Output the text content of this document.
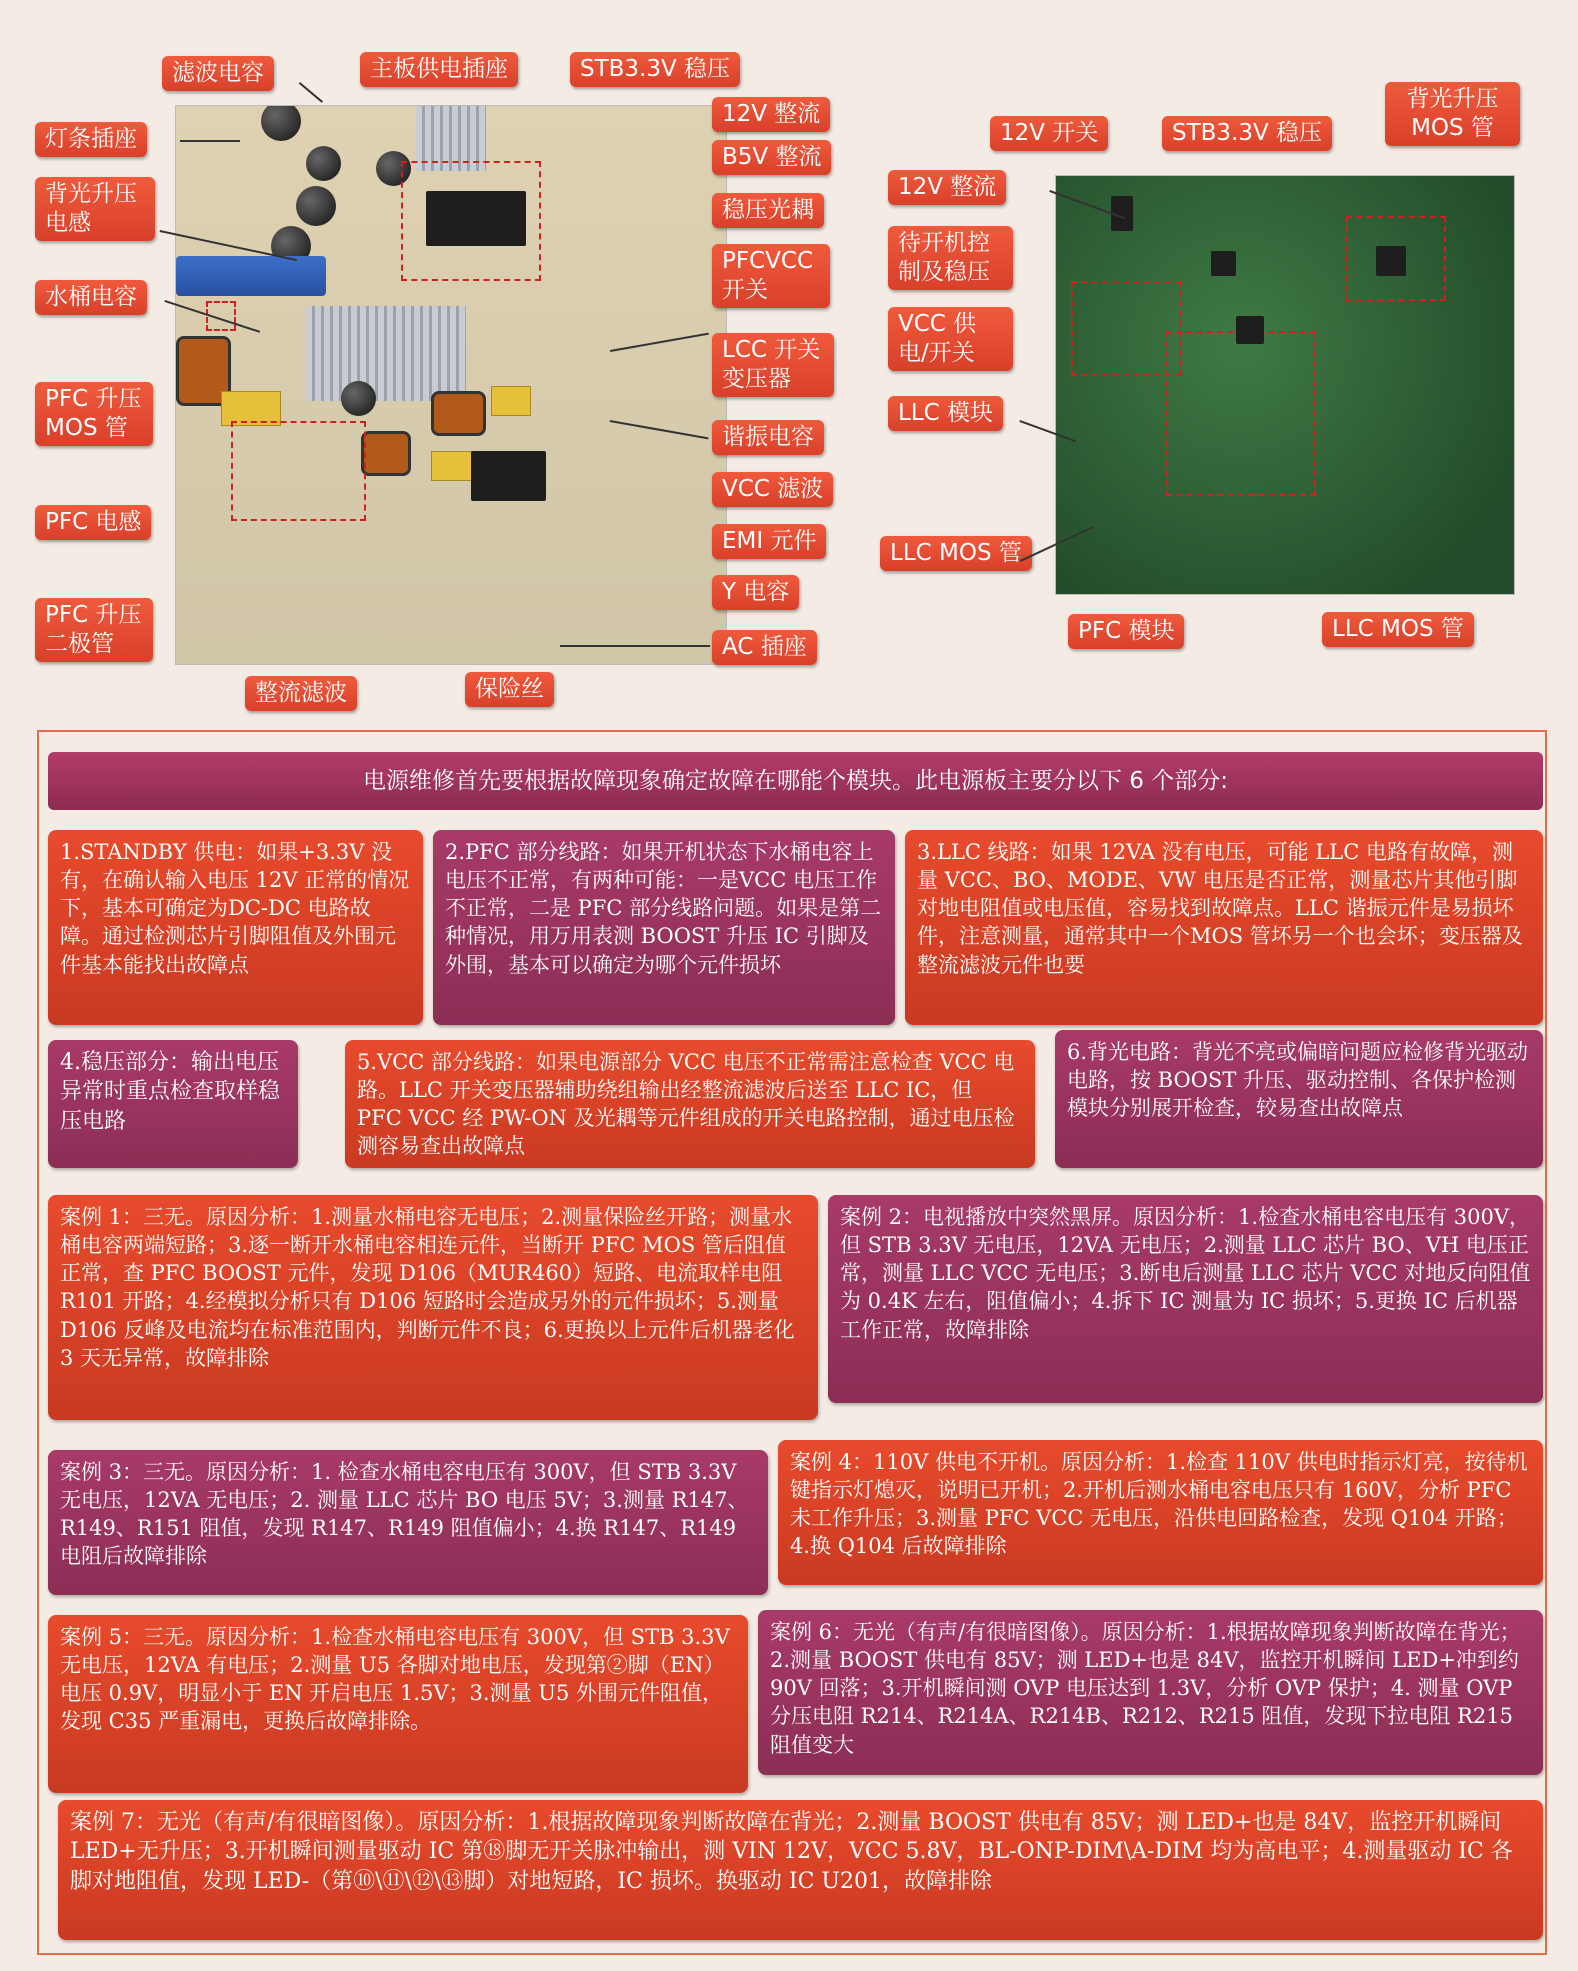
滤波电容	主板供电插座	STB3.3V 稳压
灯条插座
12V 整流
B5V 整流
背光升压电感	稳压光耦
PFCVCC开关
水桶电容
LCC 开关变压器
PFC 升压MOS 管	谐振电容
VCC 滤波
PFC 电感
EMI 元件
Y 电容
PFC 升压二极管	AC 插座
整流滤波	保险丝
12V 开关	STB3.3V 稳压
背光升压MOS 管
12V 整流
待开机控制及稳压
VCC 供电/开关
LLC 模块
LLC MOS 管
PFC 模块	LLC MOS 管
电源维修首先要根据故障现象确定故障在哪能个模块。此电源板主要分以下 6 个部分:
1.STANDBY 供电：如果+3.3V 没有，在确认输入电压 12V 正常的情况下，基本可确定为DC-DC 电路故障。通过检测芯片引脚阻值及外围元件基本能找出故障点
2.PFC 部分线路：如果开机状态下水桶电容上电压不正常，有两种可能：一是VCC 电压工作不正常，二是 PFC 部分线路问题。如果是第二种情况，用万用表测 BOOST 升压 IC 引脚及外围，基本可以确定为哪个元件损坏
3.LLC 线路：如果 12VA 没有电压，可能 LLC 电路有故障，测量 VCC、BO、MODE、VW 电压是否正常，测量芯片其他引脚对地电阻值或电压值，容易找到故障点。LLC 谐振元件是易损坏件，注意测量，通常其中一个MOS 管坏另一个也会坏；变压器及整流滤波元件也要
4.稳压部分：输出电压异常时重点检查取样稳压电路
5.VCC 部分线路：如果电源部分 VCC 电压不正常需注意检查 VCC 电路。LLC 开关变压器辅助绕组输出经整流滤波后送至 LLC IC，但 PFC VCC 经 PW-ON 及光耦等元件组成的开关电路控制，通过电压检测容易查出故障点
6.背光电路：背光不亮或偏暗问题应检修背光驱动电路，按 BOOST 升压、驱动控制、各保护检测模块分别展开检查，较易查出故障点
案例 1：三无。原因分析：1.测量水桶电容无电压；2.测量保险丝开路；测量水桶电容两端短路；3.逐一断开水桶电容相连元件，当断开 PFC MOS 管后阻值正常，查 PFC BOOST 元件，发现 D106（MUR460）短路、电流取样电阻 R101 开路；4.经模拟分析只有 D106 短路时会造成另外的元件损坏；5.测量 D106 反峰及电流均在标准范围内，判断元件不良；6.更换以上元件后机器老化 3 天无异常，故障排除
案例 2：电视播放中突然黑屏。原因分析：1.检查水桶电容电压有 300V，但 STB 3.3V 无电压，12VA 无电压；2.测量 LLC 芯片 BO、VH 电压正常，测量 LLC VCC 无电压；3.断电后测量 LLC 芯片 VCC 对地反向阻值为 0.4K 左右，阻值偏小；4.拆下 IC 测量为 IC 损坏；5.更换 IC 后机器工作正常，故障排除
案例 3：三无。原因分析：1. 检查水桶电容电压有 300V，但 STB 3.3V 无电压，12VA 无电压；2. 测量 LLC 芯片 BO 电压 5V；3.测量 R147、R149、R151 阻值，发现 R147、R149 阻值偏小；4.换 R147、R149 电阻后故障排除
案例 4：110V 供电不开机。原因分析：1.检查 110V 供电时指示灯亮，按待机键指示灯熄灭，说明已开机；2.开机后测水桶电容电压只有 160V，分析 PFC 未工作升压；3.测量 PFC VCC 无电压，沿供电回路检查，发现 Q104 开路；4.换 Q104 后故障排除
案例 5：三无。原因分析：1.检查水桶电容电压有 300V，但 STB 3.3V 无电压，12VA 有电压；2.测量 U5 各脚对地电压，发现第②脚（EN）电压 0.9V，明显小于 EN 开启电压 1.5V；3.测量 U5 外围元件阻值，发现 C35 严重漏电，更换后故障排除。
案例 6：无光（有声/有很暗图像）。原因分析：1.根据故障现象判断故障在背光；2.测量 BOOST 供电有 85V；测 LED+也是 84V，监控开机瞬间 LED+冲到约 90V 回落；3.开机瞬间测 OVP 电压达到 1.3V，分析 OVP 保护；4. 测量 OVP 分压电阻 R214、R214A、R214B、R212、R215 阻值，发现下拉电阻 R215 阻值变大
案例 7：无光（有声/有很暗图像）。原因分析：1.根据故障现象判断故障在背光；2.测量 BOOST 供电有 85V；测 LED+也是 84V，监控开机瞬间 LED+无升压；3.开机瞬间测量驱动 IC 第⑱脚无开关脉冲输出，测 VIN 12V，VCC 5.8V，BL-ONP-DIM\A-DIM 均为高电平；4.测量驱动 IC 各脚对地阻值，发现 LED-（第⑩\⑪\⑫\⑬脚）对地短路，IC 损坏。换驱动 IC U201，故障排除
